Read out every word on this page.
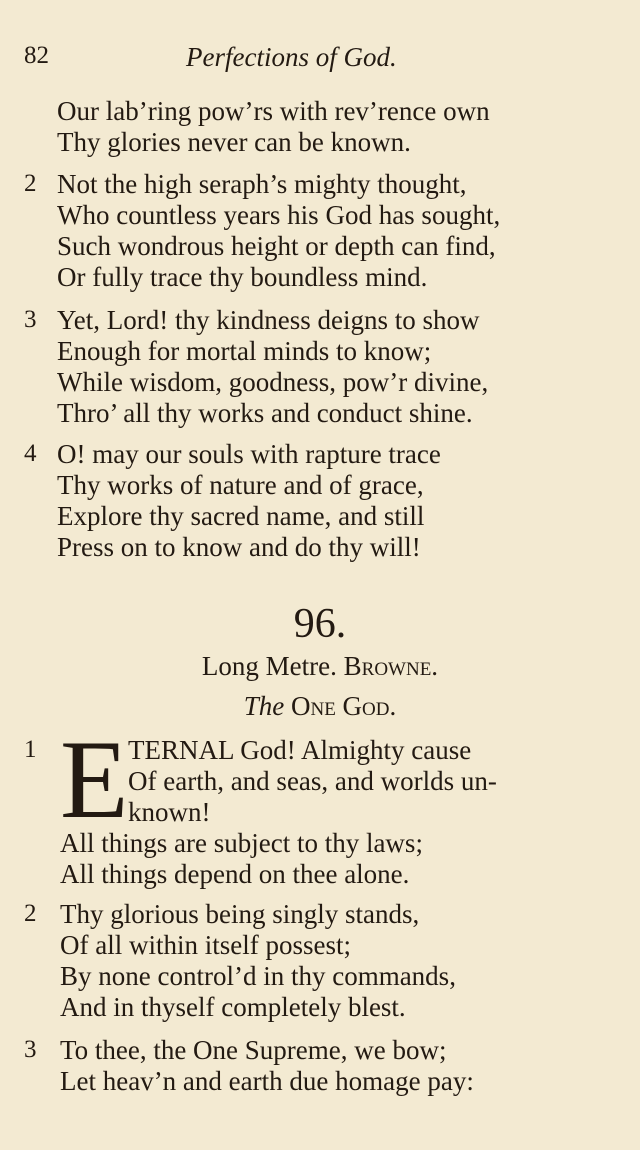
82	Perfections of God.
Our lab’ring pow’rs with rev’rence own
Thy glories never can be known.
2 Not the high seraph’s mighty thought,
Who countless years his God has sought,
Such wondrous height or depth can find,
Or fully trace thy boundless mind.
3 Yet, Lord! thy kindness deigns to show
Enough for mortal minds to know;
While wisdom, goodness, pow’r divine,
Thro’ all thy works and conduct shine.
4 O! may our souls with rapture trace
Thy works of nature and of grace,
Explore thy sacred name, and still
Press on to know and do thy will!
96.
Long Metre. Browne.
The One God.
1 E TERNAL God! Almighty cause
Of earth, and seas, and worlds un-
known!
All things are subject to thy laws;
All things depend on thee alone.
2 Thy glorious being singly stands,
Of all within itself possest;
By none control’d in thy commands,
And in thyself completely blest.
3 To thee, the One Supreme, we bow;
Let heav’n and earth due homage pay:
